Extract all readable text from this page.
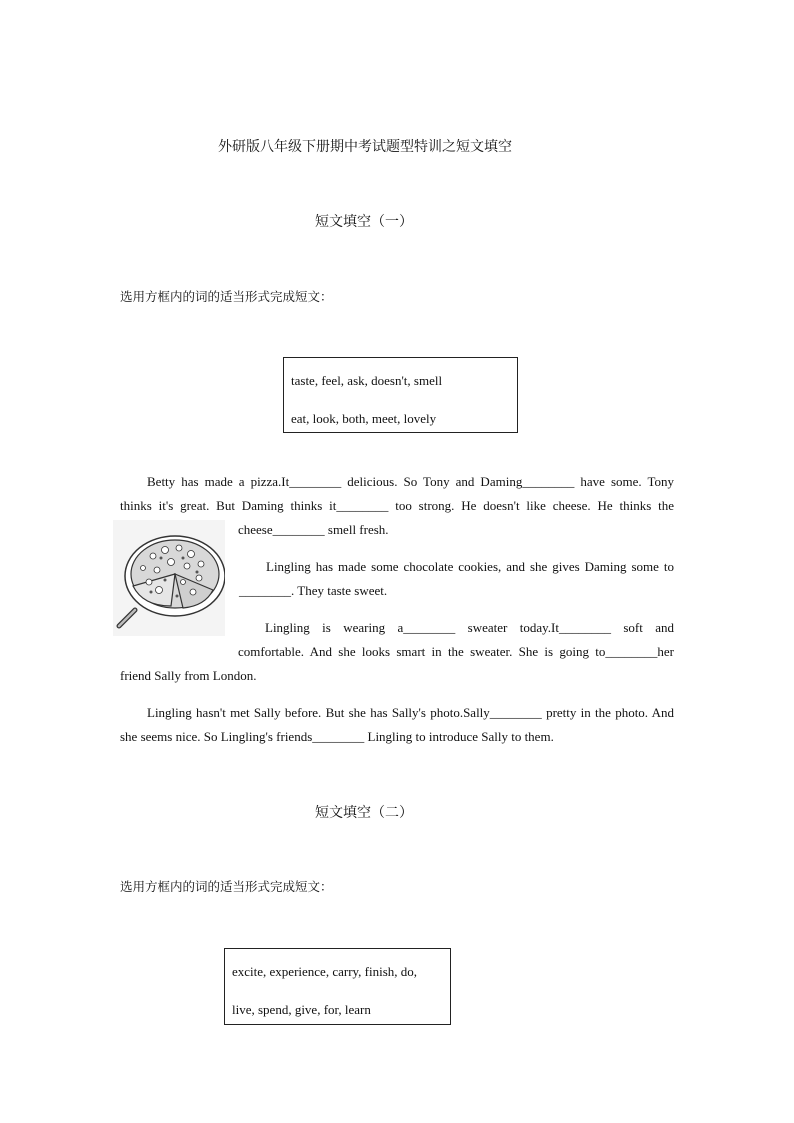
外研版八年级下册期中考试题型特训之短文填空
短文填空（一）
选用方框内的词的适当形式完成短文：
taste, feel, ask, doesn't, smell
eat, look, both, meet, lovely
Betty has made a pizza.It________ delicious. So Tony and Daming________ have some. Tony thinks it's great. But Daming thinks it________ too strong. He doesn't like cheese. He thinks the cheese________ smell fresh.
Lingling has made some chocolate cookies, and she gives Daming some to ________. They taste sweet.
Lingling is wearing a________ sweater today.It________ soft and comfortable. And she looks smart in the sweater. She is going to________her friend Sally from London.
Lingling hasn't met Sally before. But she has Sally's photo.Sally________ pretty in the photo. And she seems nice. So Lingling's friends________ Lingling to introduce Sally to them.
短文填空（二）
选用方框内的词的适当形式完成短文：
excite, experience, carry, finish, do,
live, spend, give, for, learn
